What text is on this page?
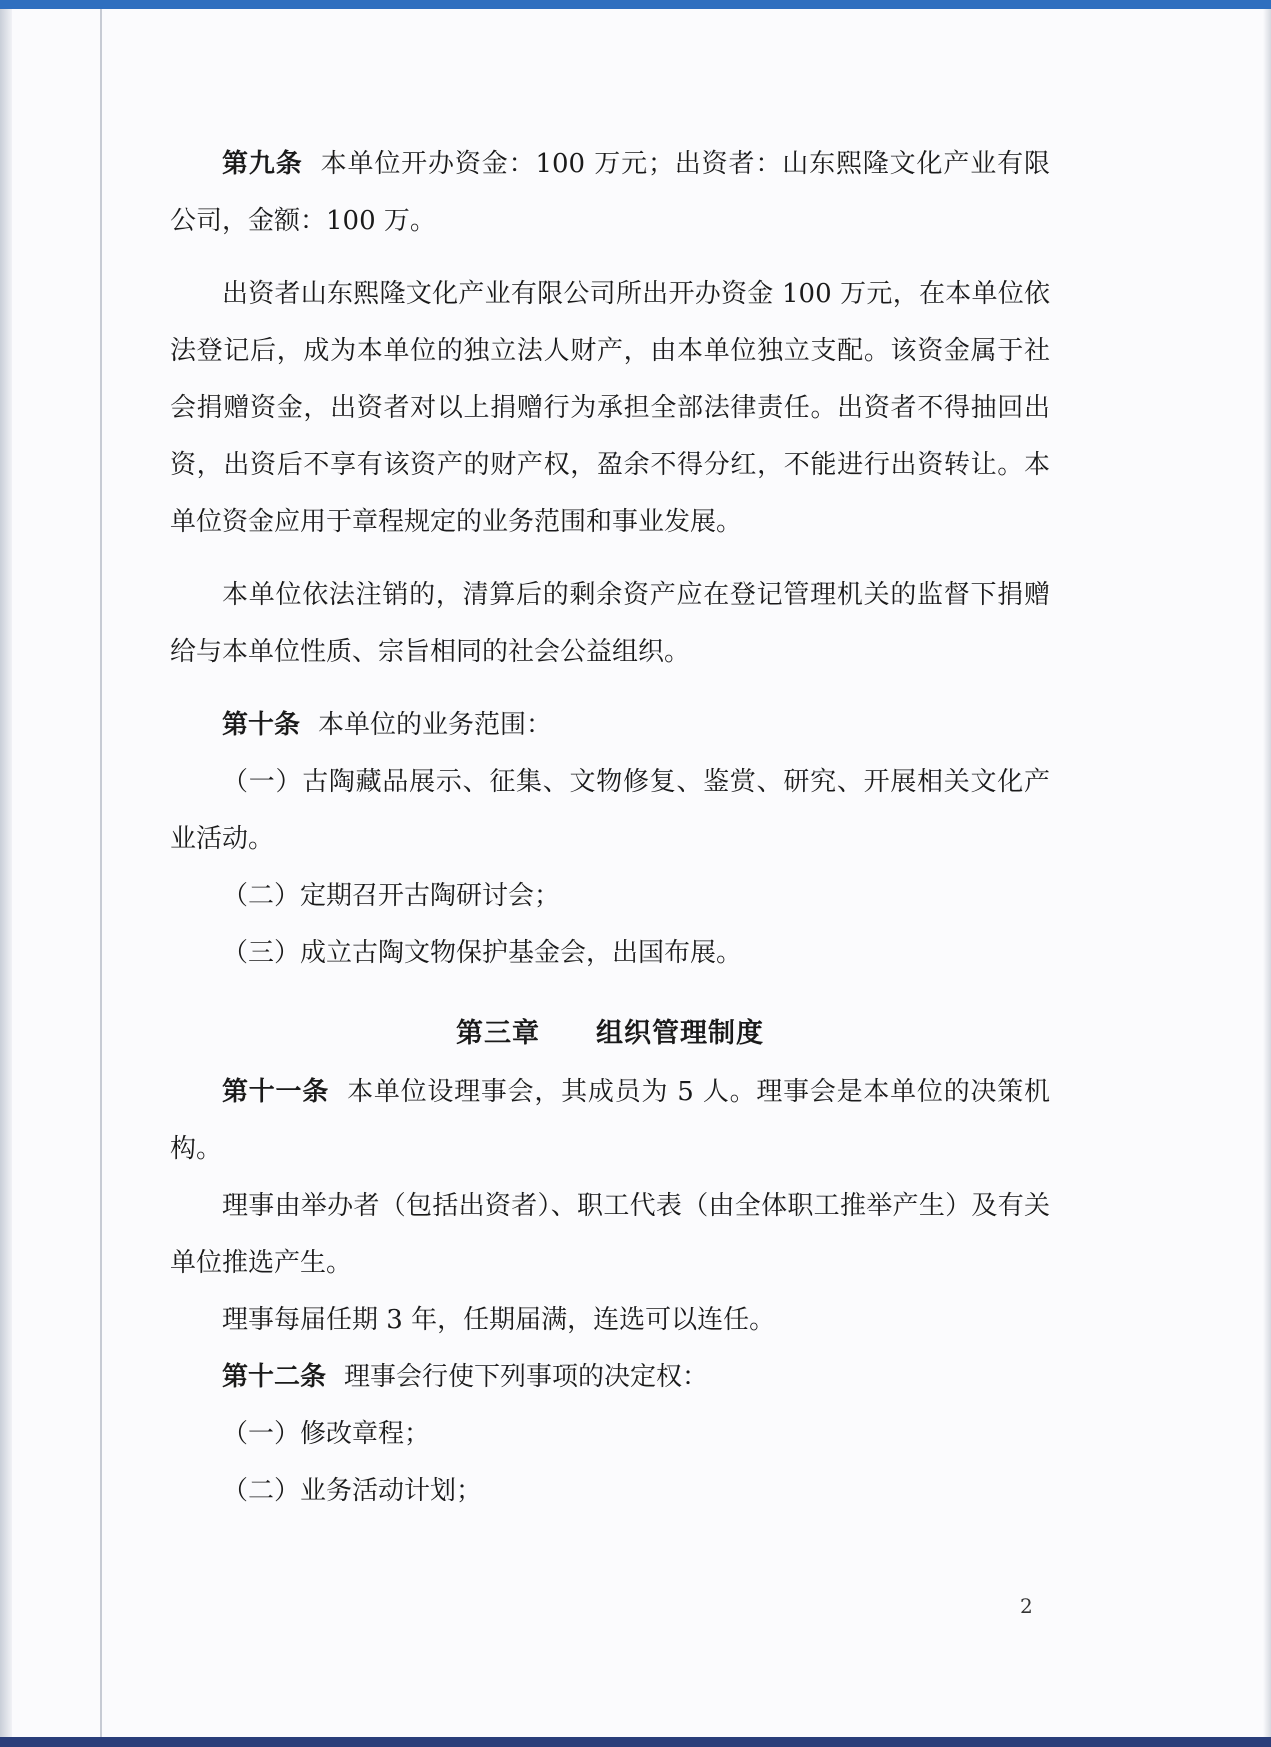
第九条 本单位开办资金：100 万元；出资者：山东熙隆文化产业有限公司，金额：100 万。

出资者山东熙隆文化产业有限公司所出开办资金 100 万元，在本单位依法登记后，成为本单位的独立法人财产，由本单位独立支配。该资金属于社会捐赠资金，出资者对以上捐赠行为承担全部法律责任。出资者不得抽回出资，出资后不享有该资产的财产权，盈余不得分红，不能进行出资转让。本单位资金应用于章程规定的业务范围和事业发展。

本单位依法注销的，清算后的剩余资产应在登记管理机关的监督下捐赠给与本单位性质、宗旨相同的社会公益组织。

第十条 本单位的业务范围：

（一）古陶藏品展示、征集、文物修复、鉴赏、研究、开展相关文化产业活动。

（二）定期召开古陶研讨会；

（三）成立古陶文物保护基金会，出国布展。

第三章 组织管理制度

第十一条 本单位设理事会，其成员为 5 人。理事会是本单位的决策机构。

理事由举办者（包括出资者）、职工代表（由全体职工推举产生）及有关单位推选产生。

理事每届任期 3 年，任期届满，连选可以连任。

第十二条 理事会行使下列事项的决定权：

（一）修改章程；

（二）业务活动计划；

2
